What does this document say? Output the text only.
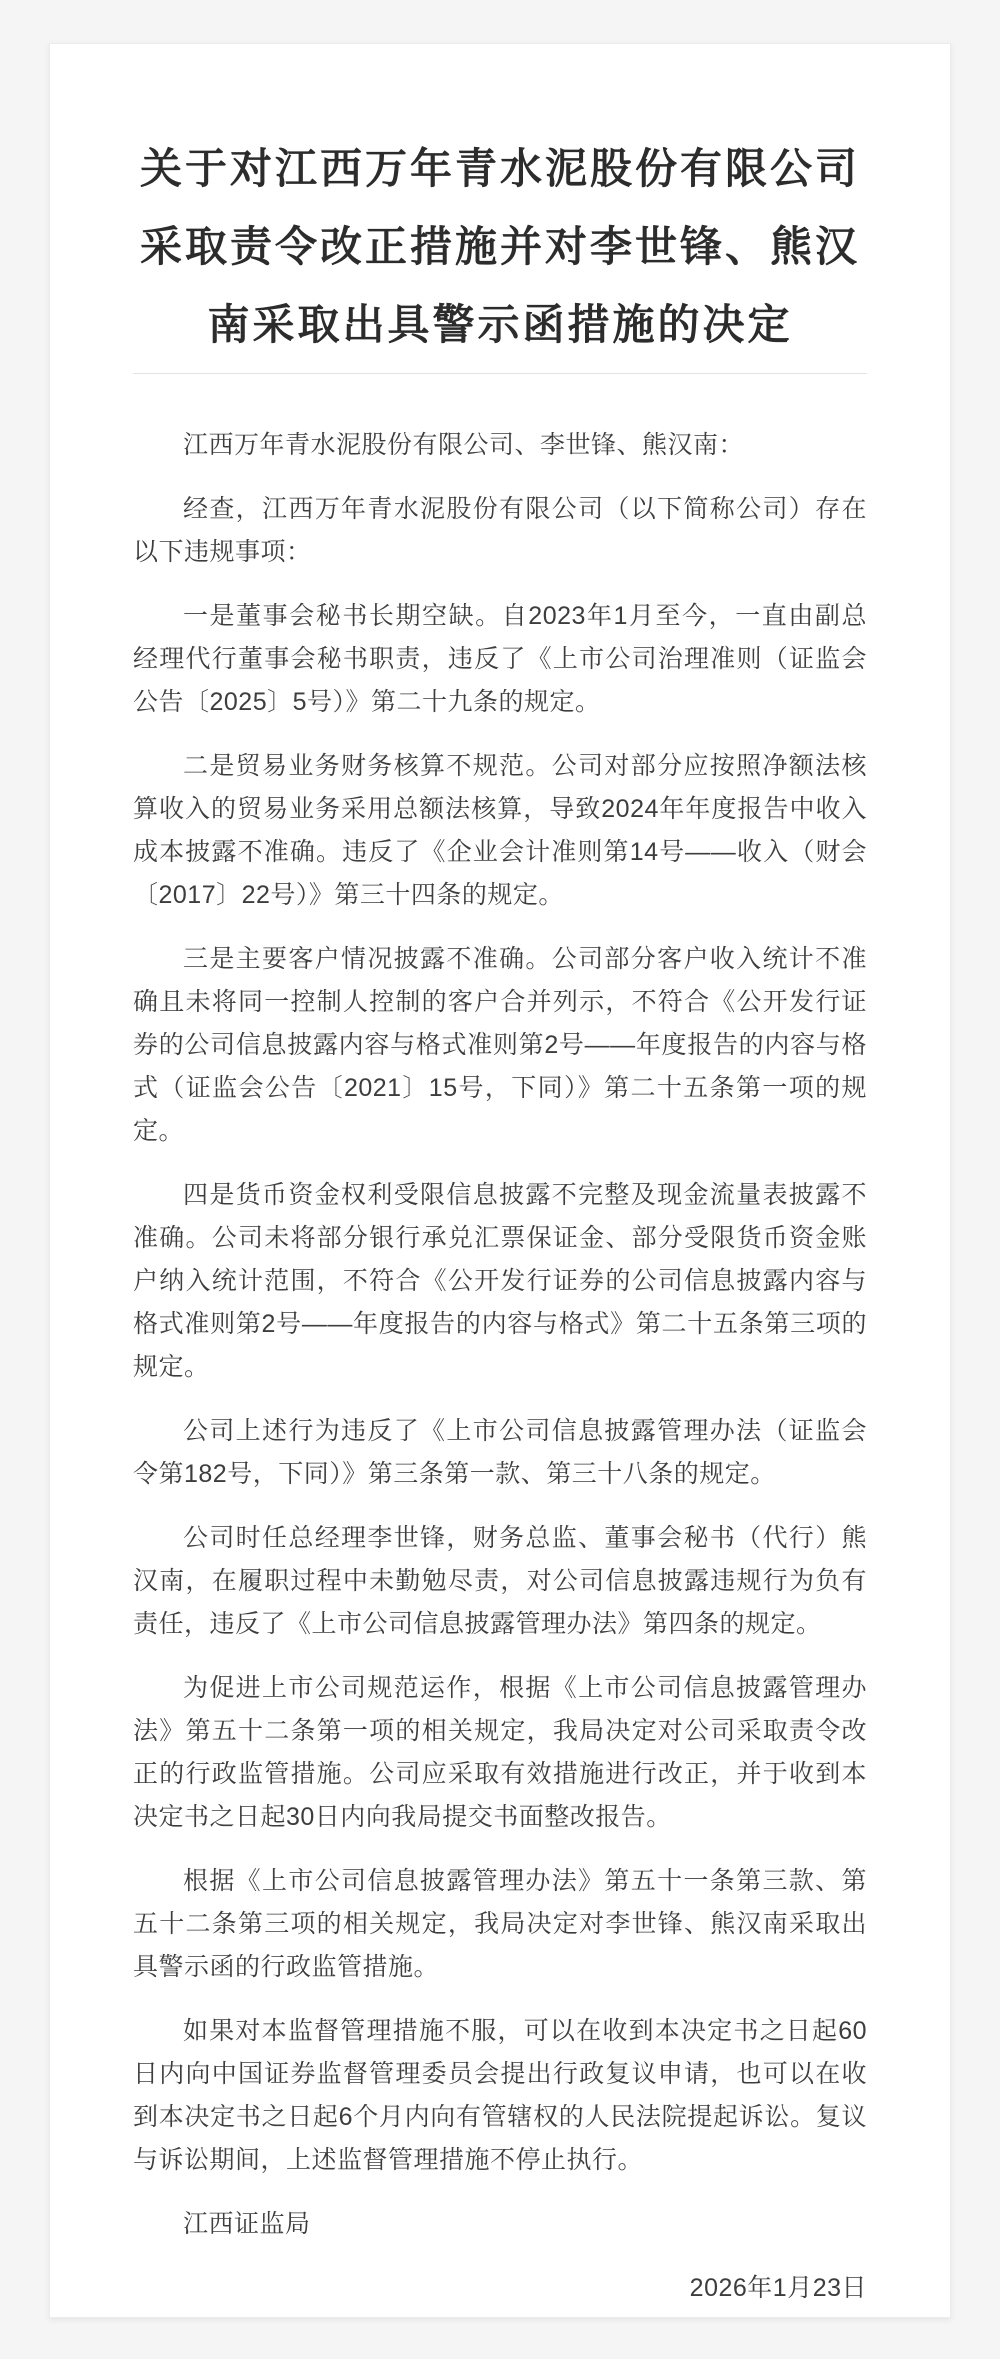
关于对江西万年青水泥股份有限公司采取责令改正措施并对李世锋、熊汉南采取出具警示函措施的决定

江西万年青水泥股份有限公司、李世锋、熊汉南：

经查，江西万年青水泥股份有限公司（以下简称公司）存在以下违规事项：

一是董事会秘书长期空缺。自2023年1月至今，一直由副总经理代行董事会秘书职责，违反了《上市公司治理准则（证监会公告〔2025〕5号）》第二十九条的规定。

二是贸易业务财务核算不规范。公司对部分应按照净额法核算收入的贸易业务采用总额法核算，导致2024年年度报告中收入成本披露不准确。违反了《企业会计准则第14号——收入（财会〔2017〕22号）》第三十四条的规定。

三是主要客户情况披露不准确。公司部分客户收入统计不准确且未将同一控制人控制的客户合并列示，不符合《公开发行证券的公司信息披露内容与格式准则第2号——年度报告的内容与格式（证监会公告〔2021〕15号，下同）》第二十五条第一项的规定。

四是货币资金权利受限信息披露不完整及现金流量表披露不准确。公司未将部分银行承兑汇票保证金、部分受限货币资金账户纳入统计范围，不符合《公开发行证券的公司信息披露内容与格式准则第2号——年度报告的内容与格式》第二十五条第三项的规定。

公司上述行为违反了《上市公司信息披露管理办法（证监会令第182号，下同）》第三条第一款、第三十八条的规定。

公司时任总经理李世锋，财务总监、董事会秘书（代行）熊汉南，在履职过程中未勤勉尽责，对公司信息披露违规行为负有责任，违反了《上市公司信息披露管理办法》第四条的规定。

为促进上市公司规范运作，根据《上市公司信息披露管理办法》第五十二条第一项的相关规定，我局决定对公司采取责令改正的行政监管措施。公司应采取有效措施进行改正，并于收到本决定书之日起30日内向我局提交书面整改报告。

根据《上市公司信息披露管理办法》第五十一条第三款、第五十二条第三项的相关规定，我局决定对李世锋、熊汉南采取出具警示函的行政监管措施。

如果对本监督管理措施不服，可以在收到本决定书之日起60日内向中国证券监督管理委员会提出行政复议申请，也可以在收到本决定书之日起6个月内向有管辖权的人民法院提起诉讼。复议与诉讼期间，上述监督管理措施不停止执行。

江西证监局

2026年1月23日
